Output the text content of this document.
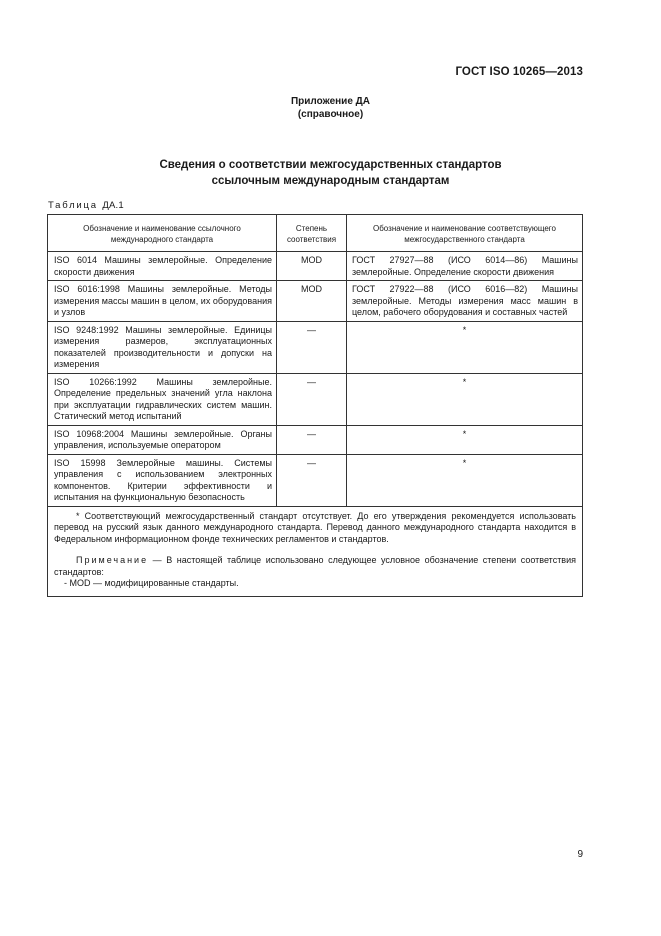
ГОСТ ISO 10265—2013
Приложение ДА
(справочное)
Сведения о соответствии межгосударственных стандартов
ссылочным международным стандартам
Таблица ДА.1
Обозначение и наименование ссылочного международного стандарта	Степень соответствия	Обозначение и наименование соответствующего межгосударственного стандарта
ISO 6014 Машины землеройные. Определение скорости движения	MOD	ГОСТ 27927—88 (ИСО 6014—86) Машины землеройные. Определение скорости движения
ISO 6016:1998 Машины землеройные. Методы измерения массы машин в целом, их оборудования и узлов	MOD	ГОСТ 27922—88 (ИСО 6016—82) Машины землеройные. Методы измерения масс машин в целом, рабочего оборудования и составных частей
ISO 9248:1992 Машины землеройные. Единицы измерения размеров, эксплуатационных показателей производительности и допуски на измерения	—	*
ISO 10266:1992 Машины землеройные. Определение предельных значений угла наклона при эксплуатации гидравлических систем машин. Статический метод испытаний	—	*
ISO 10968:2004 Машины землеройные. Органы управления, используемые оператором	—	*
ISO 15998 Землеройные машины. Системы управления с использованием электронных компонентов. Критерии эффективности и испытания на функциональную безопасность	—	*

* Соответствующий межгосударственный стандарт отсутствует. До его утверждения рекомендуется использовать перевод на русский язык данного международного стандарта. Перевод данного международного стандарта находится в Федеральном информационном фонде технических регламентов и стандартов.

Примечание — В настоящей таблице использовано следующее условное обозначение степени соответствия стандартов:

- MOD — модифицированные стандарты.		

9
